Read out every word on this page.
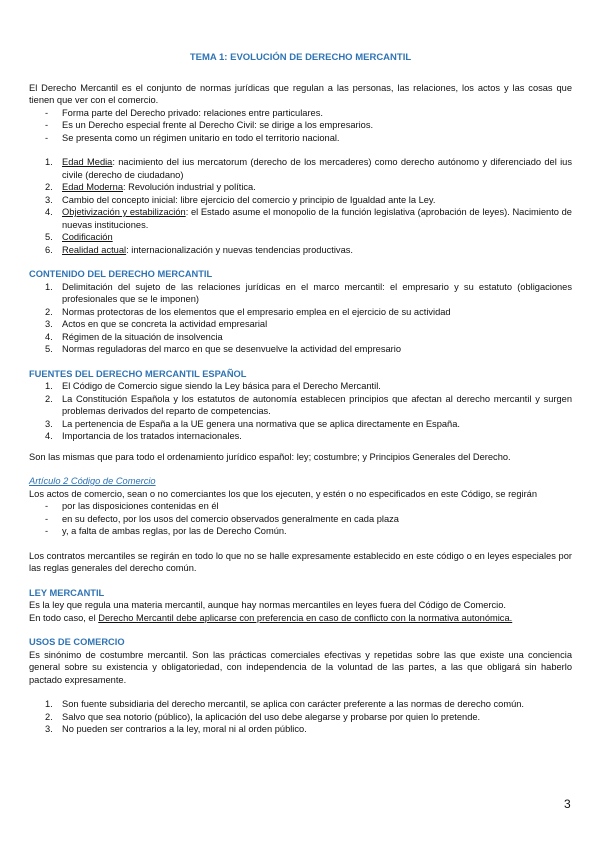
TEMA 1: EVOLUCIÓN DE DERECHO MERCANTIL

El Derecho Mercantil es el conjunto de normas jurídicas que regulan a las personas, las relaciones, los actos y las cosas que tienen que ver con el comercio.

- Forma parte del Derecho privado: relaciones entre particulares.
- Es un Derecho especial frente al Derecho Civil: se dirige a los empresarios.
- Se presenta como un régimen unitario en todo el territorio nacional.
1. Edad Media: nacimiento del ius mercatorum (derecho de los mercaderes) como derecho autónomo y diferenciado del ius civile (derecho de ciudadano)
2. Edad Moderna: Revolución industrial y política.
3. Cambio del concepto inicial: libre ejercicio del comercio y principio de Igualdad ante la Ley.
4. Objetivización y estabilización: el Estado asume el monopolio de la función legislativa (aprobación de leyes). Nacimiento de nuevas instituciones.
5. Codificación
6. Realidad actual: internacionalización y nuevas tendencias productivas.

CONTENIDO DEL DERECHO MERCANTIL

1. Delimitación del sujeto de las relaciones jurídicas en el marco mercantil: el empresario y su estatuto (obligaciones profesionales que se le imponen)
2. Normas protectoras de los elementos que el empresario emplea en el ejercicio de su actividad
3. Actos en que se concreta la actividad empresarial
4. Régimen de la situación de insolvencia
5. Normas reguladoras del marco en que se desenvuelve la actividad del empresario

FUENTES DEL DERECHO MERCANTIL ESPAÑOL

1. El Código de Comercio sigue siendo la Ley básica para el Derecho Mercantil.
2. La Constitución Española y los estatutos de autonomía establecen principios que afectan al derecho mercantil y surgen problemas derivados del reparto de competencias.
3. La pertenencia de España a la UE genera una normativa que se aplica directamente en España.
4. Importancia de los tratados internacionales.

Son las mismas que para todo el ordenamiento jurídico español: ley; costumbre; y Principios Generales del Derecho.

Artículo 2 Código de Comercio

Los actos de comercio, sean o no comerciantes los que los ejecuten, y estén o no especificados en este Código, se regirán

- por las disposiciones contenidas en él
- en su defecto, por los usos del comercio observados generalmente en cada plaza
- y, a falta de ambas reglas, por las de Derecho Común.

Los contratos mercantiles se regirán en todo lo que no se halle expresamente establecido en este código o en leyes especiales por las reglas generales del derecho común.

LEY MERCANTIL

Es la ley que regula una materia mercantil, aunque hay normas mercantiles en leyes fuera del Código de Comercio.

En todo caso, el Derecho Mercantil debe aplicarse con preferencia en caso de conflicto con la normativa autonómica.

USOS DE COMERCIO

Es sinónimo de costumbre mercantil. Son las prácticas comerciales efectivas y repetidas sobre las que existe una conciencia general sobre su existencia y obligatoriedad, con independencia de la voluntad de las partes, a las que obligará sin haberlo pactado expresamente.

1. Son fuente subsidiaria del derecho mercantil, se aplica con carácter preferente a las normas de derecho común.
2. Salvo que sea notorio (público), la aplicación del uso debe alegarse y probarse por quien lo pretende.
3. No pueden ser contrarios a la ley, moral ni al orden público.
3
